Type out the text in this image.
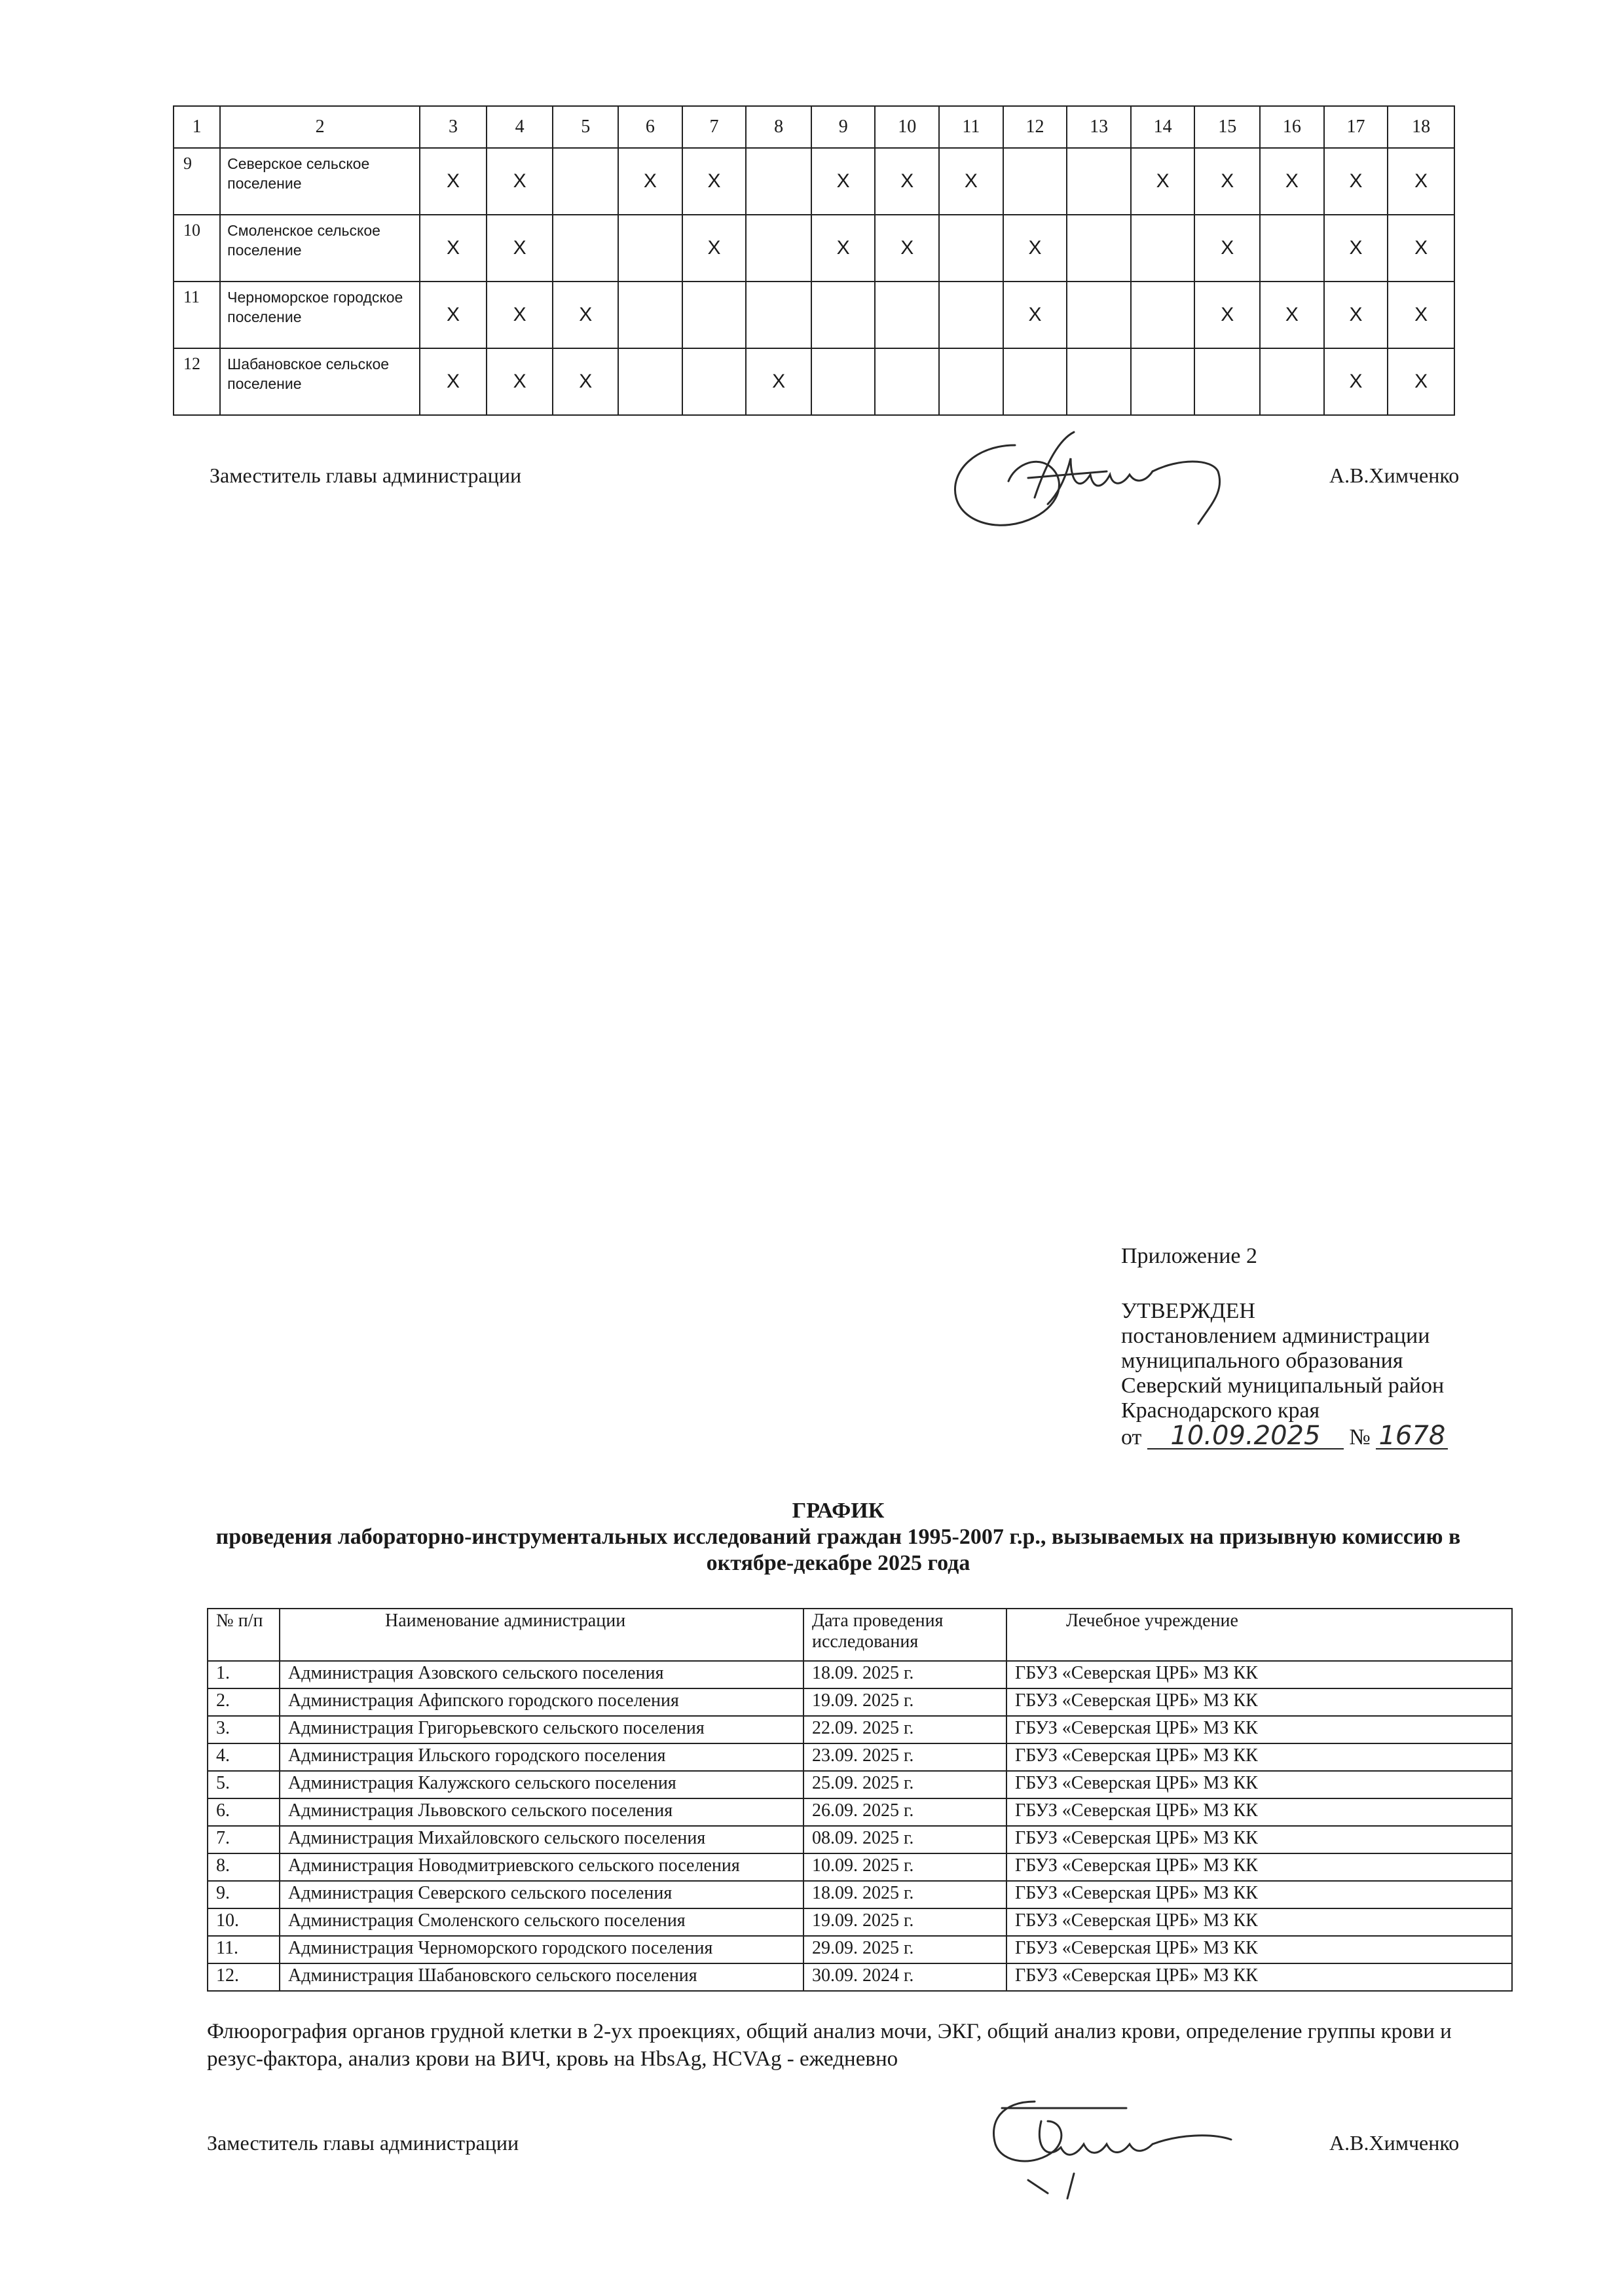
1	2	3	4	5	6	7	8	9	10	11	12	13	14	15	16	17	18
9	Северское сельское поселение	X	X		X	X		X	X	X			X	X	X	X	X
10	Смоленское сельское поселение	X	X			X		X	X		X			X		X	X
11	Черноморское городское поселение	X	X	X							X			X	X	X	X
12	Шабановское сельское поселение	X	X	X			X									X	X
Заместитель главы администрации	А.В.Химченко
Приложение 2
УТВЕРЖДЕН
постановлением администрации
муниципального образования
Северский муниципальный район
Краснодарского края
от 10.09.2025 № 1678
ГРАФИК
проведения лабораторно-инструментальных исследований граждан 1995-2007 г.р., вызываемых на призывную комиссию в октябре-декабре 2025 года
№ п/п	Наименование администрации	Дата проведения исследования	Лечебное учреждение
1.	Администрация Азовского сельского поселения	18.09. 2025 г.	ГБУЗ «Северская ЦРБ» МЗ КК
2.	Администрация Афипского городского поселения	19.09. 2025 г.	ГБУЗ «Северская ЦРБ» МЗ КК
3.	Администрация Григорьевского сельского поселения	22.09. 2025 г.	ГБУЗ «Северская ЦРБ» МЗ КК
4.	Администрация Ильского городского поселения	23.09. 2025 г.	ГБУЗ «Северская ЦРБ» МЗ КК
5.	Администрация Калужского сельского поселения	25.09. 2025 г.	ГБУЗ «Северская ЦРБ» МЗ КК
6.	Администрация Львовского сельского поселения	26.09. 2025 г.	ГБУЗ «Северская ЦРБ» МЗ КК
7.	Администрация Михайловского сельского поселения	08.09. 2025 г.	ГБУЗ «Северская ЦРБ» МЗ КК
8.	Администрация Новодмитриевского сельского поселения	10.09. 2025 г.	ГБУЗ «Северская ЦРБ» МЗ КК
9.	Администрация Северского сельского поселения	18.09. 2025 г.	ГБУЗ «Северская ЦРБ» МЗ КК
10.	Администрация Смоленского сельского поселения	19.09. 2025 г.	ГБУЗ «Северская ЦРБ» МЗ КК
11.	Администрация Черноморского городского поселения	29.09. 2025 г.	ГБУЗ «Северская ЦРБ» МЗ КК
12.	Администрация Шабановского сельского поселения	30.09. 2024 г.	ГБУЗ «Северская ЦРБ» МЗ КК
Флюорография органов грудной клетки в 2-ух проекциях, общий анализ мочи, ЭКГ, общий анализ крови, определение группы крови и резус-фактора, анализ крови на ВИЧ, кровь на HbsAg, HCVAg - ежедневно
Заместитель главы администрации	А.В.Химченко
